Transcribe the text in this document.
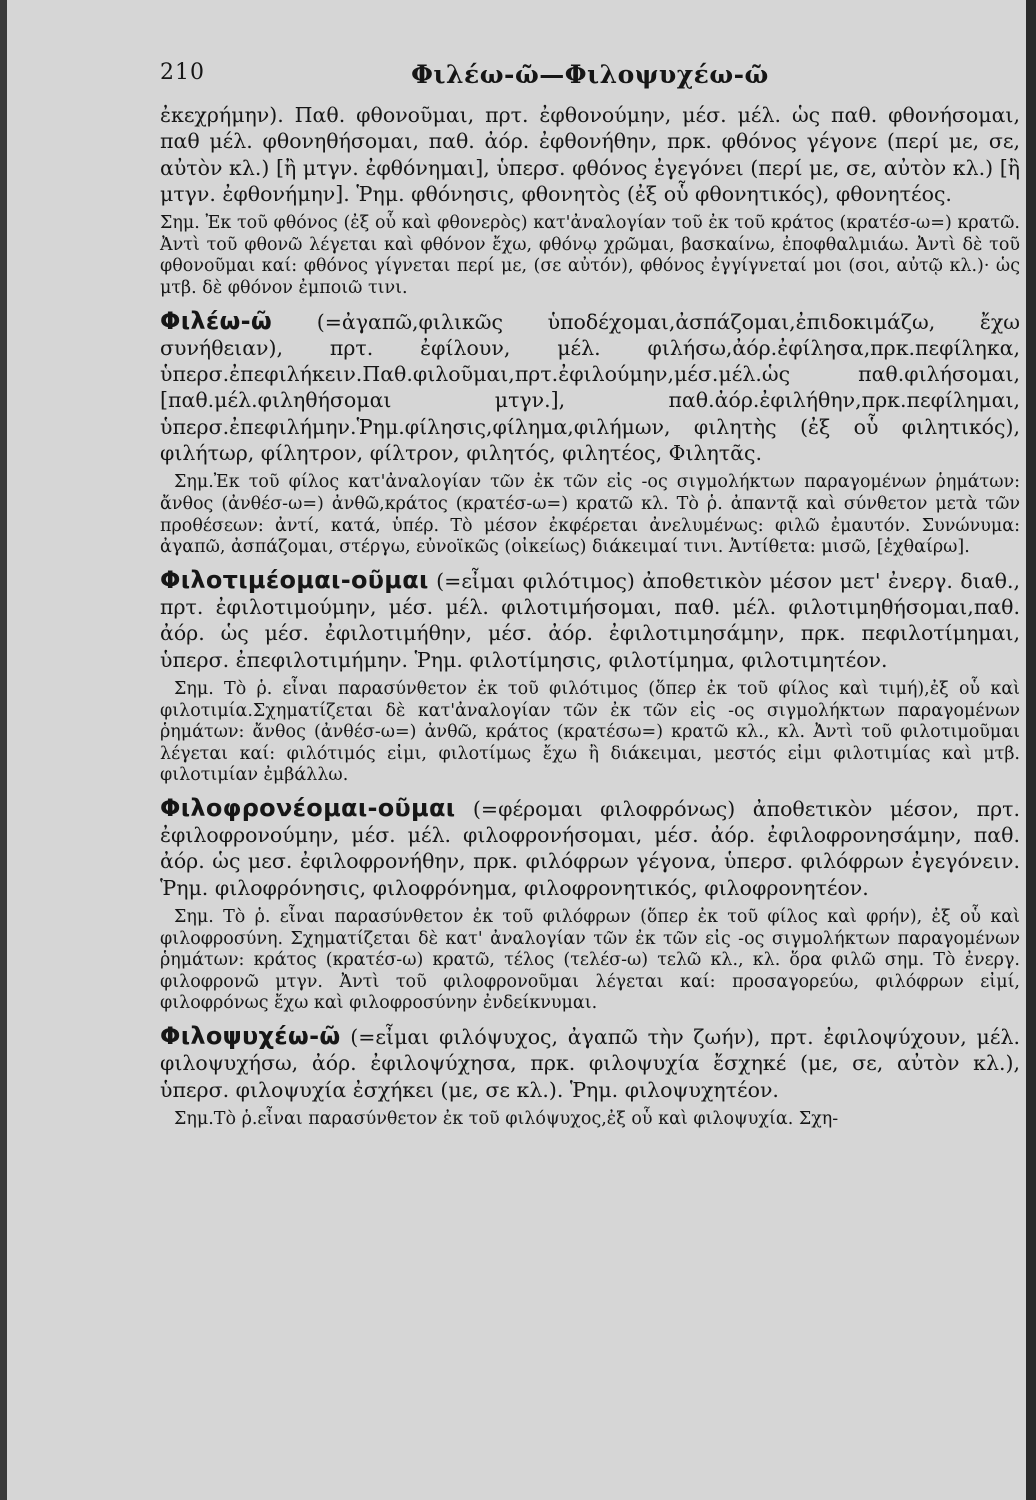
210	Φιλέω-ῶ—Φιλοψυχέω-ῶ

ἐκεχρήμην). Παθ. φθονοῦμαι, πρτ. ἐφθονούμην, μέσ. μέλ. ὡς παθ. φθονήσομαι, παθ μέλ. φθονηθήσομαι, παθ. ἀόρ. ἐφθονήθην, πρκ. φθόνος γέγονε (περί με, σε, αὐτὸν κλ.) [ἢ μτγν. ἐφθόνημαι], ὑπερσ. φθόνος ἐγεγόνει (περί με, σε, αὐτὸν κλ.) [ἢ μτγν. ἐφθονήμην]. Ῥημ. φθόνησις, φθονητὸς (ἐξ οὗ φθονητικός), φθονητέος.

Σημ. Ἐκ τοῦ φθόνος (ἐξ οὗ καὶ φθονερὸς) κατ'ἀναλογίαν τοῦ ἐκ τοῦ κράτος (κρατέσ-ω=) κρατῶ. Ἀντὶ τοῦ φθονῶ λέγεται καὶ φθόνον ἔχω, φθόνῳ χρῶμαι, βασκαίνω, ἐποφθαλμιάω. Ἀντὶ δὲ τοῦ φθονοῦμαι καί: φθόνος γίγνεται περί με, (σε αὐτόν), φθόνος ἐγγίγνεταί μοι (σοι, αὐτῷ κλ.)· ὡς μτβ. δὲ φθόνον ἐμποιῶ τινι.

Φιλέω-ῶ (=ἀγαπῶ,φιλικῶς ὑποδέχομαι,ἀσπάζομαι,ἐπιδοκιμάζω, ἔχω συνήθειαν), πρτ. ἐφίλουν, μέλ. φιλήσω,ἀόρ.ἐφίλησα,πρκ.πεφίληκα, ὑπερσ.ἐπεφιλήκειν.Παθ.φιλοῦμαι,πρτ.ἐφιλούμην,μέσ.μέλ.ὡς παθ.φιλήσομαι,[παθ.μέλ.φιληθήσομαι μτγν.], παθ.ἀόρ.ἐφιλήθην,πρκ.πεφίλημαι, ὑπερσ.ἐπεφιλήμην.Ῥημ.φίλησις,φίλημα,φιλήμων, φιλητὴς (ἐξ οὗ φιλητικός), φιλήτωρ, φίλητρον, φίλτρον, φιλητός, φιλητέος, Φιλητᾶς.

Σημ.Ἐκ τοῦ φίλος κατ'ἀναλογίαν τῶν ἐκ τῶν εἰς -ος σιγμολήκτων παραγομένων ῥημάτων: ἄνθος (ἀνθέσ-ω=) ἀνθῶ,κράτος (κρατέσ-ω=) κρατῶ κλ. Τὸ ῥ. ἀπαντᾷ καὶ σύνθετον μετὰ τῶν προθέσεων: ἀντί, κατά, ὑπέρ. Τὸ μέσον ἐκφέρεται ἀνελυμένως: φιλῶ ἐμαυτόν. Συνώνυμα: ἀγαπῶ, ἀσπάζομαι, στέργω, εὐνοϊκῶς (οἰκείως) διάκειμαί τινι. Ἀντίθετα: μισῶ, [ἐχθαίρω].

Φιλοτιμέομαι-οῦμαι (=εἶμαι φιλότιμος) ἀποθετικὸν μέσον μετ' ἐνεργ. διαθ., πρτ. ἐφιλοτιμούμην, μέσ. μέλ. φιλοτιμήσομαι, παθ. μέλ. φιλοτιμηθήσομαι,παθ. ἀόρ. ὡς μέσ. ἐφιλοτιμήθην, μέσ. ἀόρ. ἐφιλοτιμησάμην, πρκ. πεφιλοτίμημαι, ὑπερσ. ἐπεφιλοτιμήμην. Ῥημ. φιλοτίμησις, φιλοτίμημα, φιλοτιμητέον.

Σημ. Τὸ ῥ. εἶναι παρασύνθετον ἐκ τοῦ φιλότιμος (ὅπερ ἐκ τοῦ φίλος καὶ τιμή),ἐξ οὗ καὶ φιλοτιμία.Σχηματίζεται δὲ κατ'ἀναλογίαν τῶν ἐκ τῶν εἰς -ος σιγμολήκτων παραγομένων ῥημάτων: ἄνθος (ἀνθέσ-ω=) ἀνθῶ, κράτος (κρατέσω=) κρατῶ κλ., κλ. Ἀντὶ τοῦ φιλοτιμοῦμαι λέγεται καί: φιλότιμός εἰμι, φιλοτίμως ἔχω ἢ διάκειμαι, μεστός εἰμι φιλοτιμίας καὶ μτβ. φιλοτιμίαν ἐμβάλλω.

Φιλοφρονέομαι-οῦμαι (=φέρομαι φιλοφρόνως) ἀποθετικὸν μέσον, πρτ. ἐφιλοφρονούμην, μέσ. μέλ. φιλοφρονήσομαι, μέσ. ἀόρ. ἐφιλοφρονησάμην, παθ. ἀόρ. ὡς μεσ. ἐφιλοφρονήθην, πρκ. φιλόφρων γέγονα, ὑπερσ. φιλόφρων ἐγεγόνειν. Ῥημ. φιλοφρόνησις, φιλοφρόνημα, φιλοφρονητικός, φιλοφρονητέον.

Σημ. Τὸ ῥ. εἶναι παρασύνθετον ἐκ τοῦ φιλόφρων (ὅπερ ἐκ τοῦ φίλος καὶ φρήν), ἐξ οὗ καὶ φιλοφροσύνη. Σχηματίζεται δὲ κατ' ἀναλογίαν τῶν ἐκ τῶν εἰς -ος σιγμολήκτων παραγομένων ῥημάτων: κράτος (κρατέσ-ω) κρατῶ, τέλος (τελέσ-ω) τελῶ κλ., κλ. ὅρα φιλῶ σημ. Τὸ ἐνεργ. φιλοφρονῶ μτγν. Ἀντὶ τοῦ φιλοφρονοῦμαι λέγεται καί: προσαγορεύω, φιλόφρων εἰμί, φιλοφρόνως ἔχω καὶ φιλοφροσύνην ἐνδείκνυμαι.

Φιλοψυχέω-ῶ (=εἶμαι φιλόψυχος, ἀγαπῶ τὴν ζωήν), πρτ. ἐφιλοψύχουν, μέλ. φιλοψυχήσω, ἀόρ. ἐφιλοψύχησα, πρκ. φιλοψυχία ἔσχηκέ (με, σε, αὐτὸν κλ.), ὑπερσ. φιλοψυχία ἐσχήκει (με, σε κλ.). Ῥημ. φιλοψυχητέον.

Σημ.Τὸ ῥ.εἶναι παρασύνθετον ἐκ τοῦ φιλόψυχος,ἐξ οὗ καὶ φιλοψυχία. Σχη-
